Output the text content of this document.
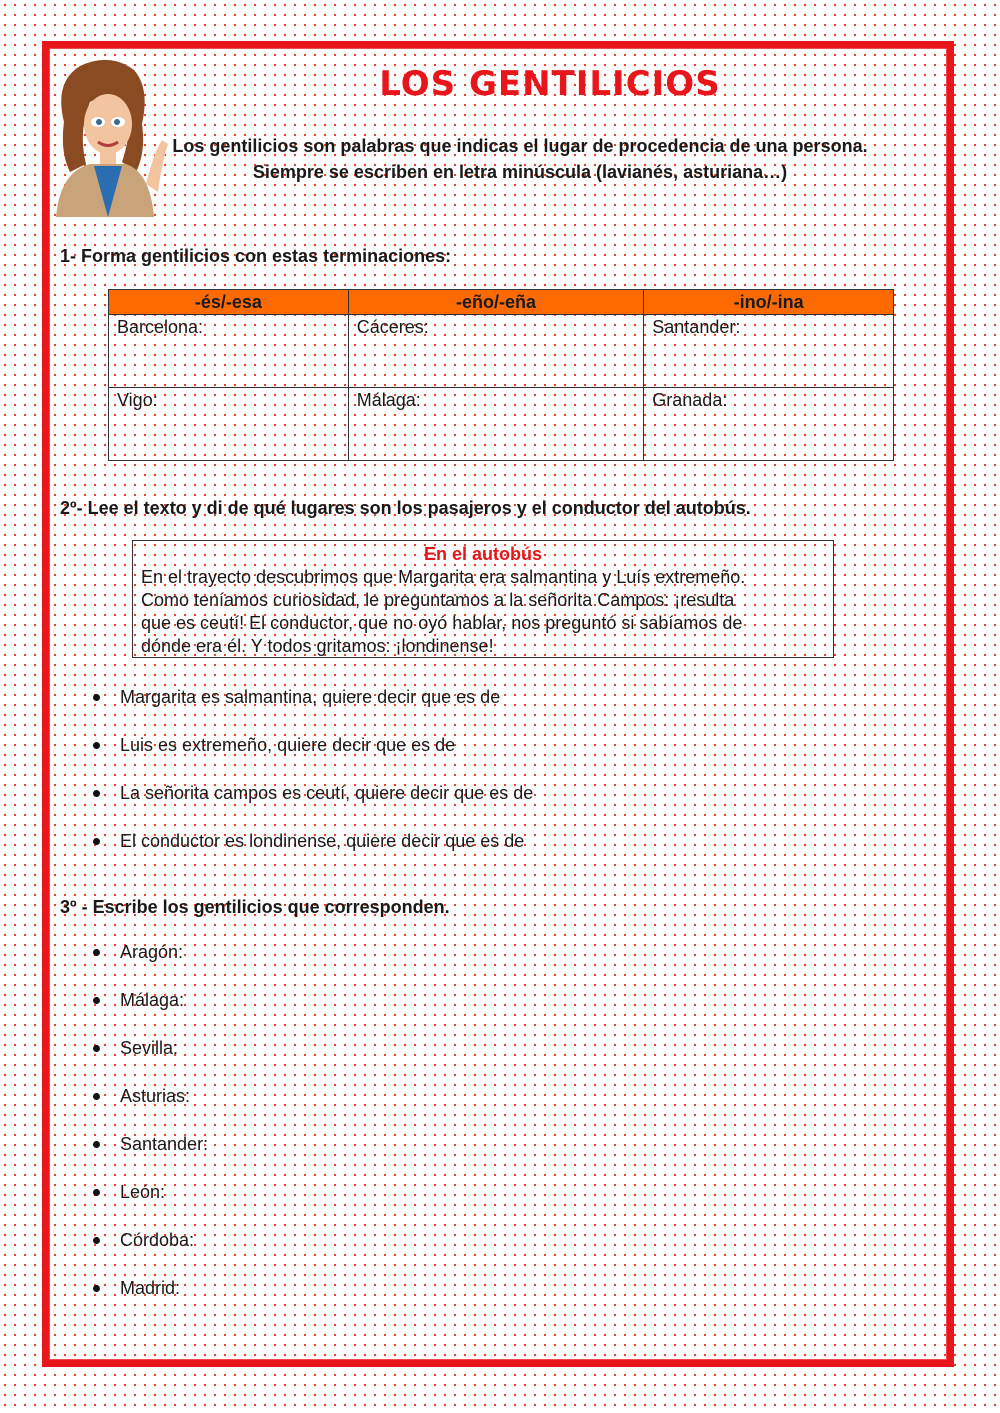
LOS GENTILICIOS
Los gentilicios son palabras que indicas el lugar de procedencia de una persona. Siempre se escriben en letra minúscula (lavianés, asturiana…)
1- Forma gentilicios con estas terminaciones:
-és/-esa	-eño/-eña	-ino/-ina
Barcelona:	Cáceres:	Santander:
Vigo:	Málaga:	Granada:
2º- Lee el texto y di de qué lugares son los pasajeros y el conductor del autobús.
En el autobús
En el trayecto descubrimos que Margarita era salmantina y Luís extremeño.
Como teníamos curiosidad, le preguntamos a la señorita Campos: ¡resulta
que es ceutí! El conductor, que no oyó hablar, nos preguntó si sabíamos de
dónde era él. Y todos gritamos: ¡londinense!
Margarita es salmantina, quiere decir que es de
Luis es extremeño, quiere decir que es de
La señorita campos es ceutí, quiere decir que es de
El conductor es londinense, quiere decir que es de
3º - Escribe los gentilicios que corresponden.
Aragón:
Málaga:
Sevilla:
Asturias:
Santander:
León:
Córdoba:
Madrid:
